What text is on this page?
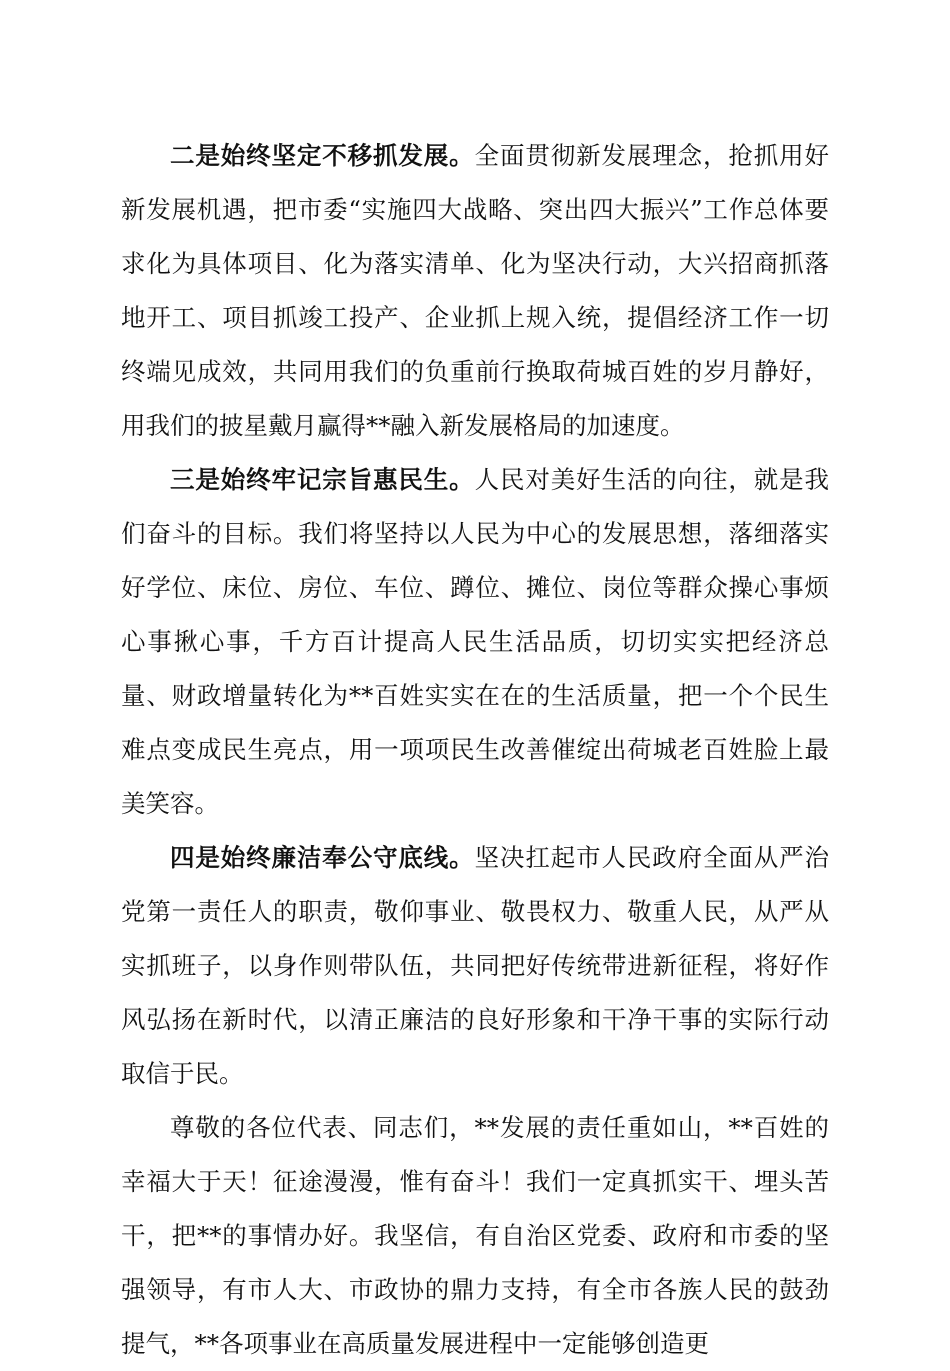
二是始终坚定不移抓发展。全面贯彻新发展理念，抢抓用好新发展机遇，把市委“实施四大战略、突出四大振兴”工作总体要求化为具体项目、化为落实清单、化为坚决行动，大兴招商抓落地开工、项目抓竣工投产、企业抓上规入统，提倡经济工作一切终端见成效，共同用我们的负重前行换取荷城百姓的岁月静好，用我们的披星戴月赢得**融入新发展格局的加速度。

三是始终牢记宗旨惠民生。人民对美好生活的向往，就是我们奋斗的目标。我们将坚持以人民为中心的发展思想，落细落实好学位、床位、房位、车位、蹲位、摊位、岗位等群众操心事烦心事揪心事，千方百计提高人民生活品质，切切实实把经济总量、财政增量转化为**百姓实实在在的生活质量，把一个个民生难点变成民生亮点，用一项项民生改善催绽出荷城老百姓脸上最美笑容。

四是始终廉洁奉公守底线。坚决扛起市人民政府全面从严治党第一责任人的职责，敬仰事业、敬畏权力、敬重人民，从严从实抓班子，以身作则带队伍，共同把好传统带进新征程，将好作风弘扬在新时代，以清正廉洁的良好形象和干净干事的实际行动取信于民。

尊敬的各位代表、同志们，**发展的责任重如山，**百姓的幸福大于天！征途漫漫，惟有奋斗！我们一定真抓实干、埋头苦干，把**的事情办好。我坚信，有自治区党委、政府和市委的坚强领导，有市人大、市政协的鼎力支持，有全市各族人民的鼓劲提气，**各项事业在高质量发展进程中一定能够创造更
